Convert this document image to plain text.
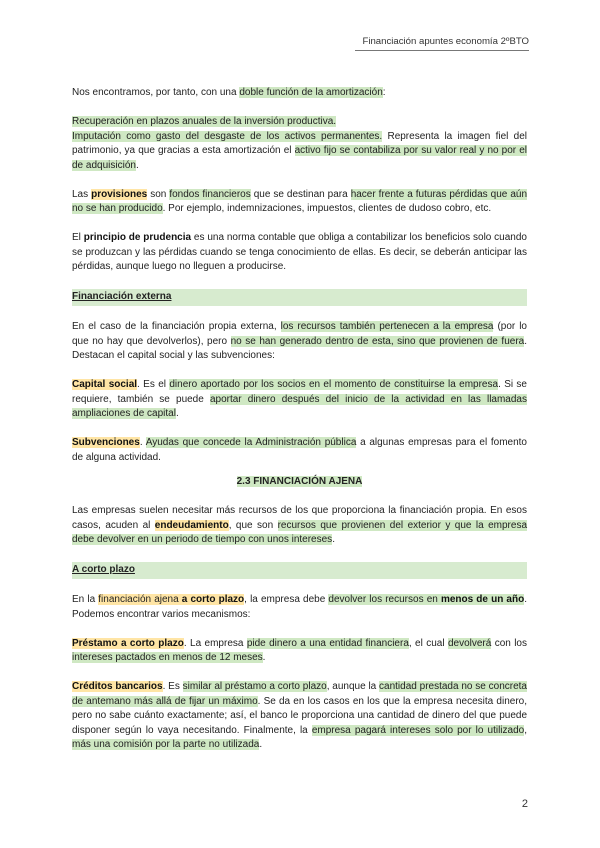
Financiación apuntes economía 2ºBTO

Nos encontramos, por tanto, con una doble función de la amortización:

Recuperación en plazos anuales de la inversión productiva.

Imputación como gasto del desgaste de los activos permanentes. Representa la imagen fiel del patrimonio, ya que gracias a esta amortización el activo fijo se contabiliza por su valor real y no por el de adquisición.

Las provisiones son fondos financieros que se destinan para hacer frente a futuras pérdidas que aún no se han producido. Por ejemplo, indemnizaciones, impuestos, clientes de dudoso cobro, etc.

El principio de prudencia es una norma contable que obliga a contabilizar los beneficios solo cuando se produzcan y las pérdidas cuando se tenga conocimiento de ellas. Es decir, se deberán anticipar las pérdidas, aunque luego no lleguen a producirse.

Financiación externa

En el caso de la financiación propia externa, los recursos también pertenecen a la empresa (por lo que no hay que devolverlos), pero no se han generado dentro de esta, sino que provienen de fuera. Destacan el capital social y las subvenciones:

Capital social. Es el dinero aportado por los socios en el momento de constituirse la empresa. Si se requiere, también se puede aportar dinero después del inicio de la actividad en las llamadas ampliaciones de capital.

Subvenciones. Ayudas que concede la Administración pública a algunas empresas para el fomento de alguna actividad.

2.3 FINANCIACIÓN AJENA

Las empresas suelen necesitar más recursos de los que proporciona la financiación propia. En esos casos, acuden al endeudamiento, que son recursos que provienen del exterior y que la empresa debe devolver en un periodo de tiempo con unos intereses.

A corto plazo

En la financiación ajena a corto plazo, la empresa debe devolver los recursos en menos de un año. Podemos encontrar varios mecanismos:

Préstamo a corto plazo. La empresa pide dinero a una entidad financiera, el cual devolverá con los intereses pactados en menos de 12 meses.

Créditos bancarios. Es similar al préstamo a corto plazo, aunque la cantidad prestada no se concreta de antemano más allá de fijar un máximo. Se da en los casos en los que la empresa necesita dinero, pero no sabe cuánto exactamente; así, el banco le proporciona una cantidad de dinero del que puede disponer según lo vaya necesitando. Finalmente, la empresa pagará intereses solo por lo utilizado, más una comisión por la parte no utilizada.

2
